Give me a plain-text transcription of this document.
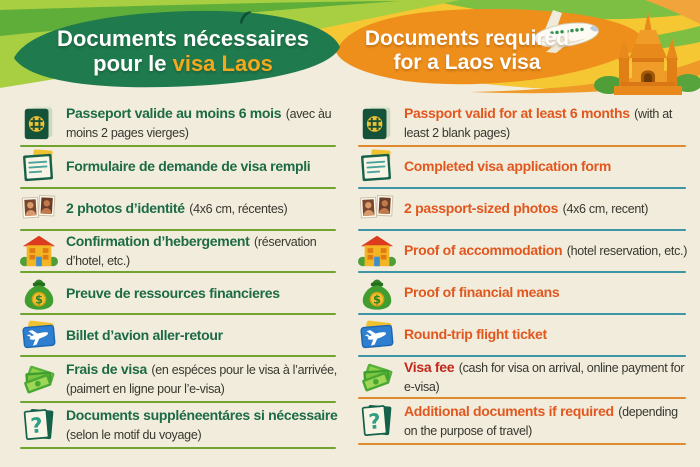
Documents nécessaires
pour le visa Laos
Documents required
for a Laos visa

Passeport valide au moins 6 mois (avec àu moins 2 pages vierges)

Formulaire de demande de visa rempli

2 photos d’identité (4x6 cm, récentes)

Confirmation d’hebergement (réservation d’hotel, etc.)

Preuve de ressources financieres

Billet d’avion aller-retour

Frais de visa (en espéces pour le visa à l’arrivée, (paimert en ligne pour l’e-visa)

Documents suppléneentáres si nécessaire (selon le motif du voyage)

Passport valid for at least 6 months (with at least 2 blank pages)

Completed visa application form

2 passport-sized photos (4x6 cm, recent)

Proof of accommodation (hotel reservation, etc.)

Proof of financial means

Round-trip flight ticket

Visa fee (cash for visa on arrival, online payment for e-visa)

Additional documents if required (depending on the purpose of travel)
